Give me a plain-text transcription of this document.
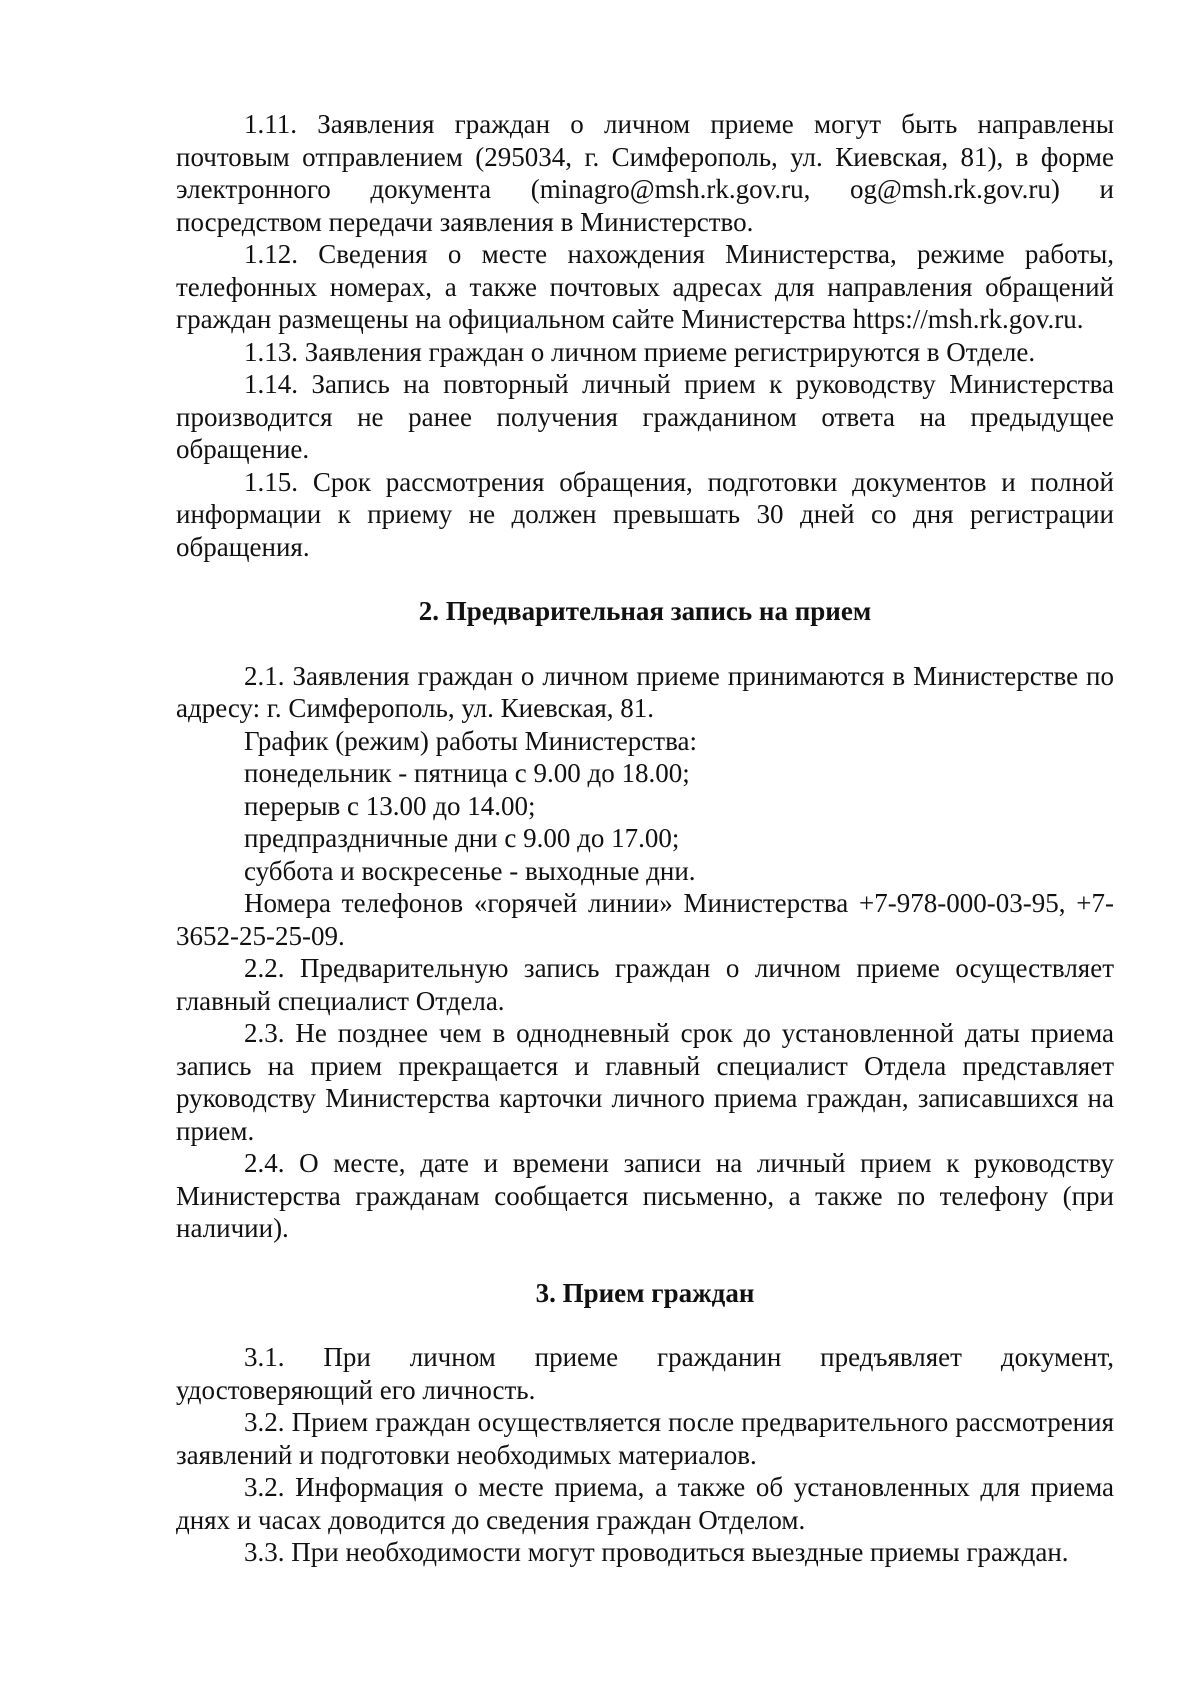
1.11. Заявления граждан о личном приеме могут быть направлены почтовым отправлением (295034, г. Симферополь, ул. Киевская, 81), в форме электронного документа (minagro@msh.rk.gov.ru, og@msh.rk.gov.ru) и посредством передачи заявления в Министерство.

1.12. Сведения о месте нахождения Министерства, режиме работы, телефонных номерах, а также почтовых адресах для направления обращений граждан размещены на официальном сайте Министерства https://msh.rk.gov.ru.

1.13. Заявления граждан о личном приеме регистрируются в Отделе.

1.14. Запись на повторный личный прием к руководству Министерства производится не ранее получения гражданином ответа на предыдущее обращение.

1.15. Срок рассмотрения обращения, подготовки документов и полной информации к приему не должен превышать 30 дней со дня регистрации обращения.

2. Предварительная запись на прием

2.1. Заявления граждан о личном приеме принимаются в Министерстве по адресу: г. Симферополь, ул. Киевская, 81.

График (режим) работы Министерства:

понедельник - пятница с 9.00 до 18.00;

перерыв с 13.00 до 14.00;

предпраздничные дни с 9.00 до 17.00;

суббота и воскресенье - выходные дни.

Номера телефонов «горячей линии» Министерства +7-978-000-03-95, +7-3652-25-25-09.

2.2. Предварительную запись граждан о личном приеме осуществляет главный специалист Отдела.

2.3. Не позднее чем в однодневный срок до установленной даты приема запись на прием прекращается и главный специалист Отдела представляет руководству Министерства карточки личного приема граждан, записавшихся на прием.

2.4. О месте, дате и времени записи на личный прием к руководству Министерства гражданам сообщается письменно, а также по телефону (при наличии).

3. Прием граждан

3.1. При личном приеме гражданин предъявляет документ, удостоверяющий его личность.

3.2. Прием граждан осуществляется после предварительного рассмотрения заявлений и подготовки необходимых материалов.

3.2. Информация о месте приема, а также об установленных для приема днях и часах доводится до сведения граждан Отделом.

3.3. При необходимости могут проводиться выездные приемы граждан.
